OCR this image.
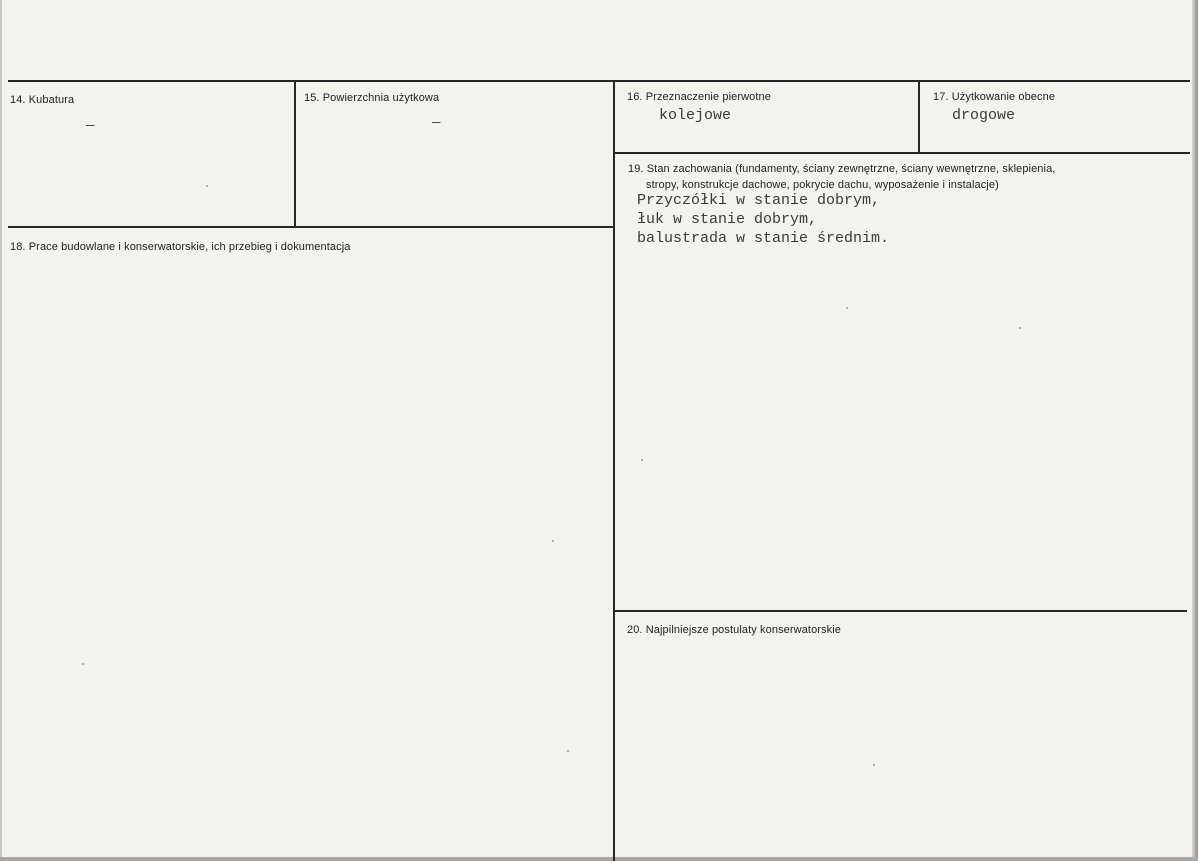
14. Kubatura
—
15. Powierzchnia użytkowa
—
16. Przeznaczenie pierwotne
kolejowe
17. Użytkowanie obecne
drogowe
18. Prace budowlane i konserwatorskie, ich przebieg i dokumentacja
19. Stan zachowania (fundamenty, ściany zewnętrzne, ściany wewnętrzne, sklepienia,
stropy, konstrukcje dachowe, pokrycie dachu, wyposażenie i instalacje)
Przyczółki w stanie dobrym,
łuk w stanie dobrym,
balustrada w stanie średnim.
20. Najpilniejsze postulaty konserwatorskie
